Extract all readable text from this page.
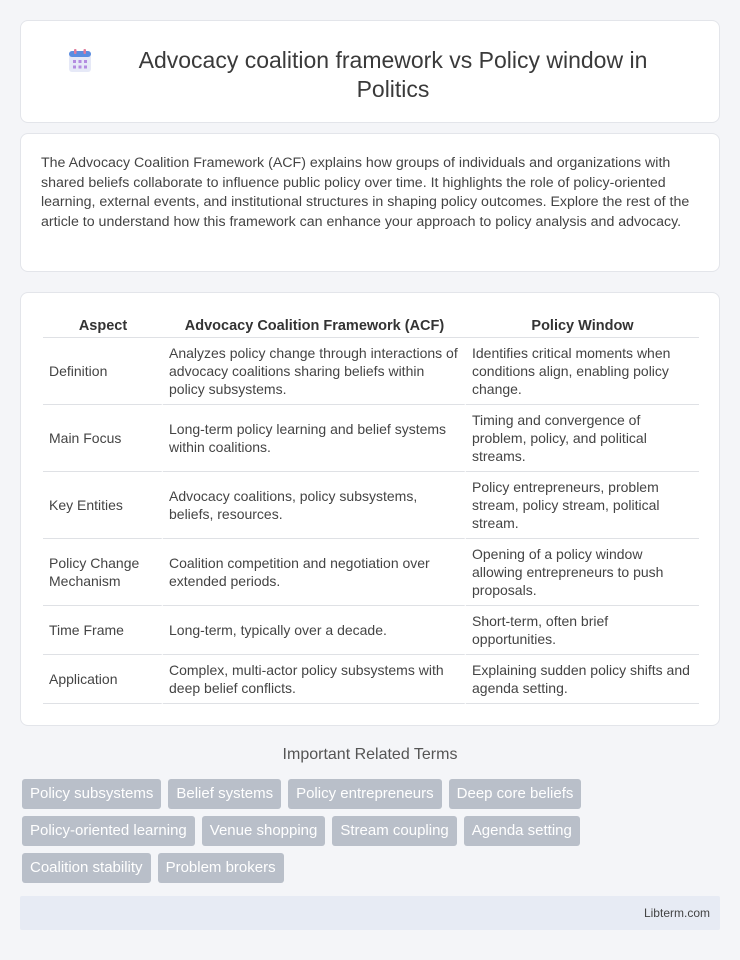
Advocacy coalition framework vs Policy window in Politics

The Advocacy Coalition Framework (ACF) explains how groups of individuals and organizations with shared beliefs collaborate to influence public policy over time. It highlights the role of policy-oriented learning, external events, and institutional structures in shaping policy outcomes. Explore the rest of the article to understand how this framework can enhance your approach to policy analysis and advocacy.

Aspect	Advocacy Coalition Framework (ACF)	Policy Window
Definition	Analyzes policy change through interactions of advocacy coalitions sharing beliefs within policy subsystems.	Identifies critical moments when conditions align, enabling policy change.
Main Focus	Long-term policy learning and belief systems within coalitions.	Timing and convergence of problem, policy, and political streams.
Key Entities	Advocacy coalitions, policy subsystems, beliefs, resources.	Policy entrepreneurs, problem stream, policy stream, political stream.
Policy Change Mechanism	Coalition competition and negotiation over extended periods.	Opening of a policy window allowing entrepreneurs to push proposals.
Time Frame	Long-term, typically over a decade.	Short-term, often brief opportunities.
Application	Complex, multi-actor policy subsystems with deep belief conflicts.	Explaining sudden policy shifts and agenda setting.
Important Related Terms
Policy subsystems	Belief systems	Policy entrepreneurs	Deep core beliefs
Policy-oriented learning	Venue shopping	Stream coupling	Agenda setting
Coalition stability	Problem brokers
Libterm.com
